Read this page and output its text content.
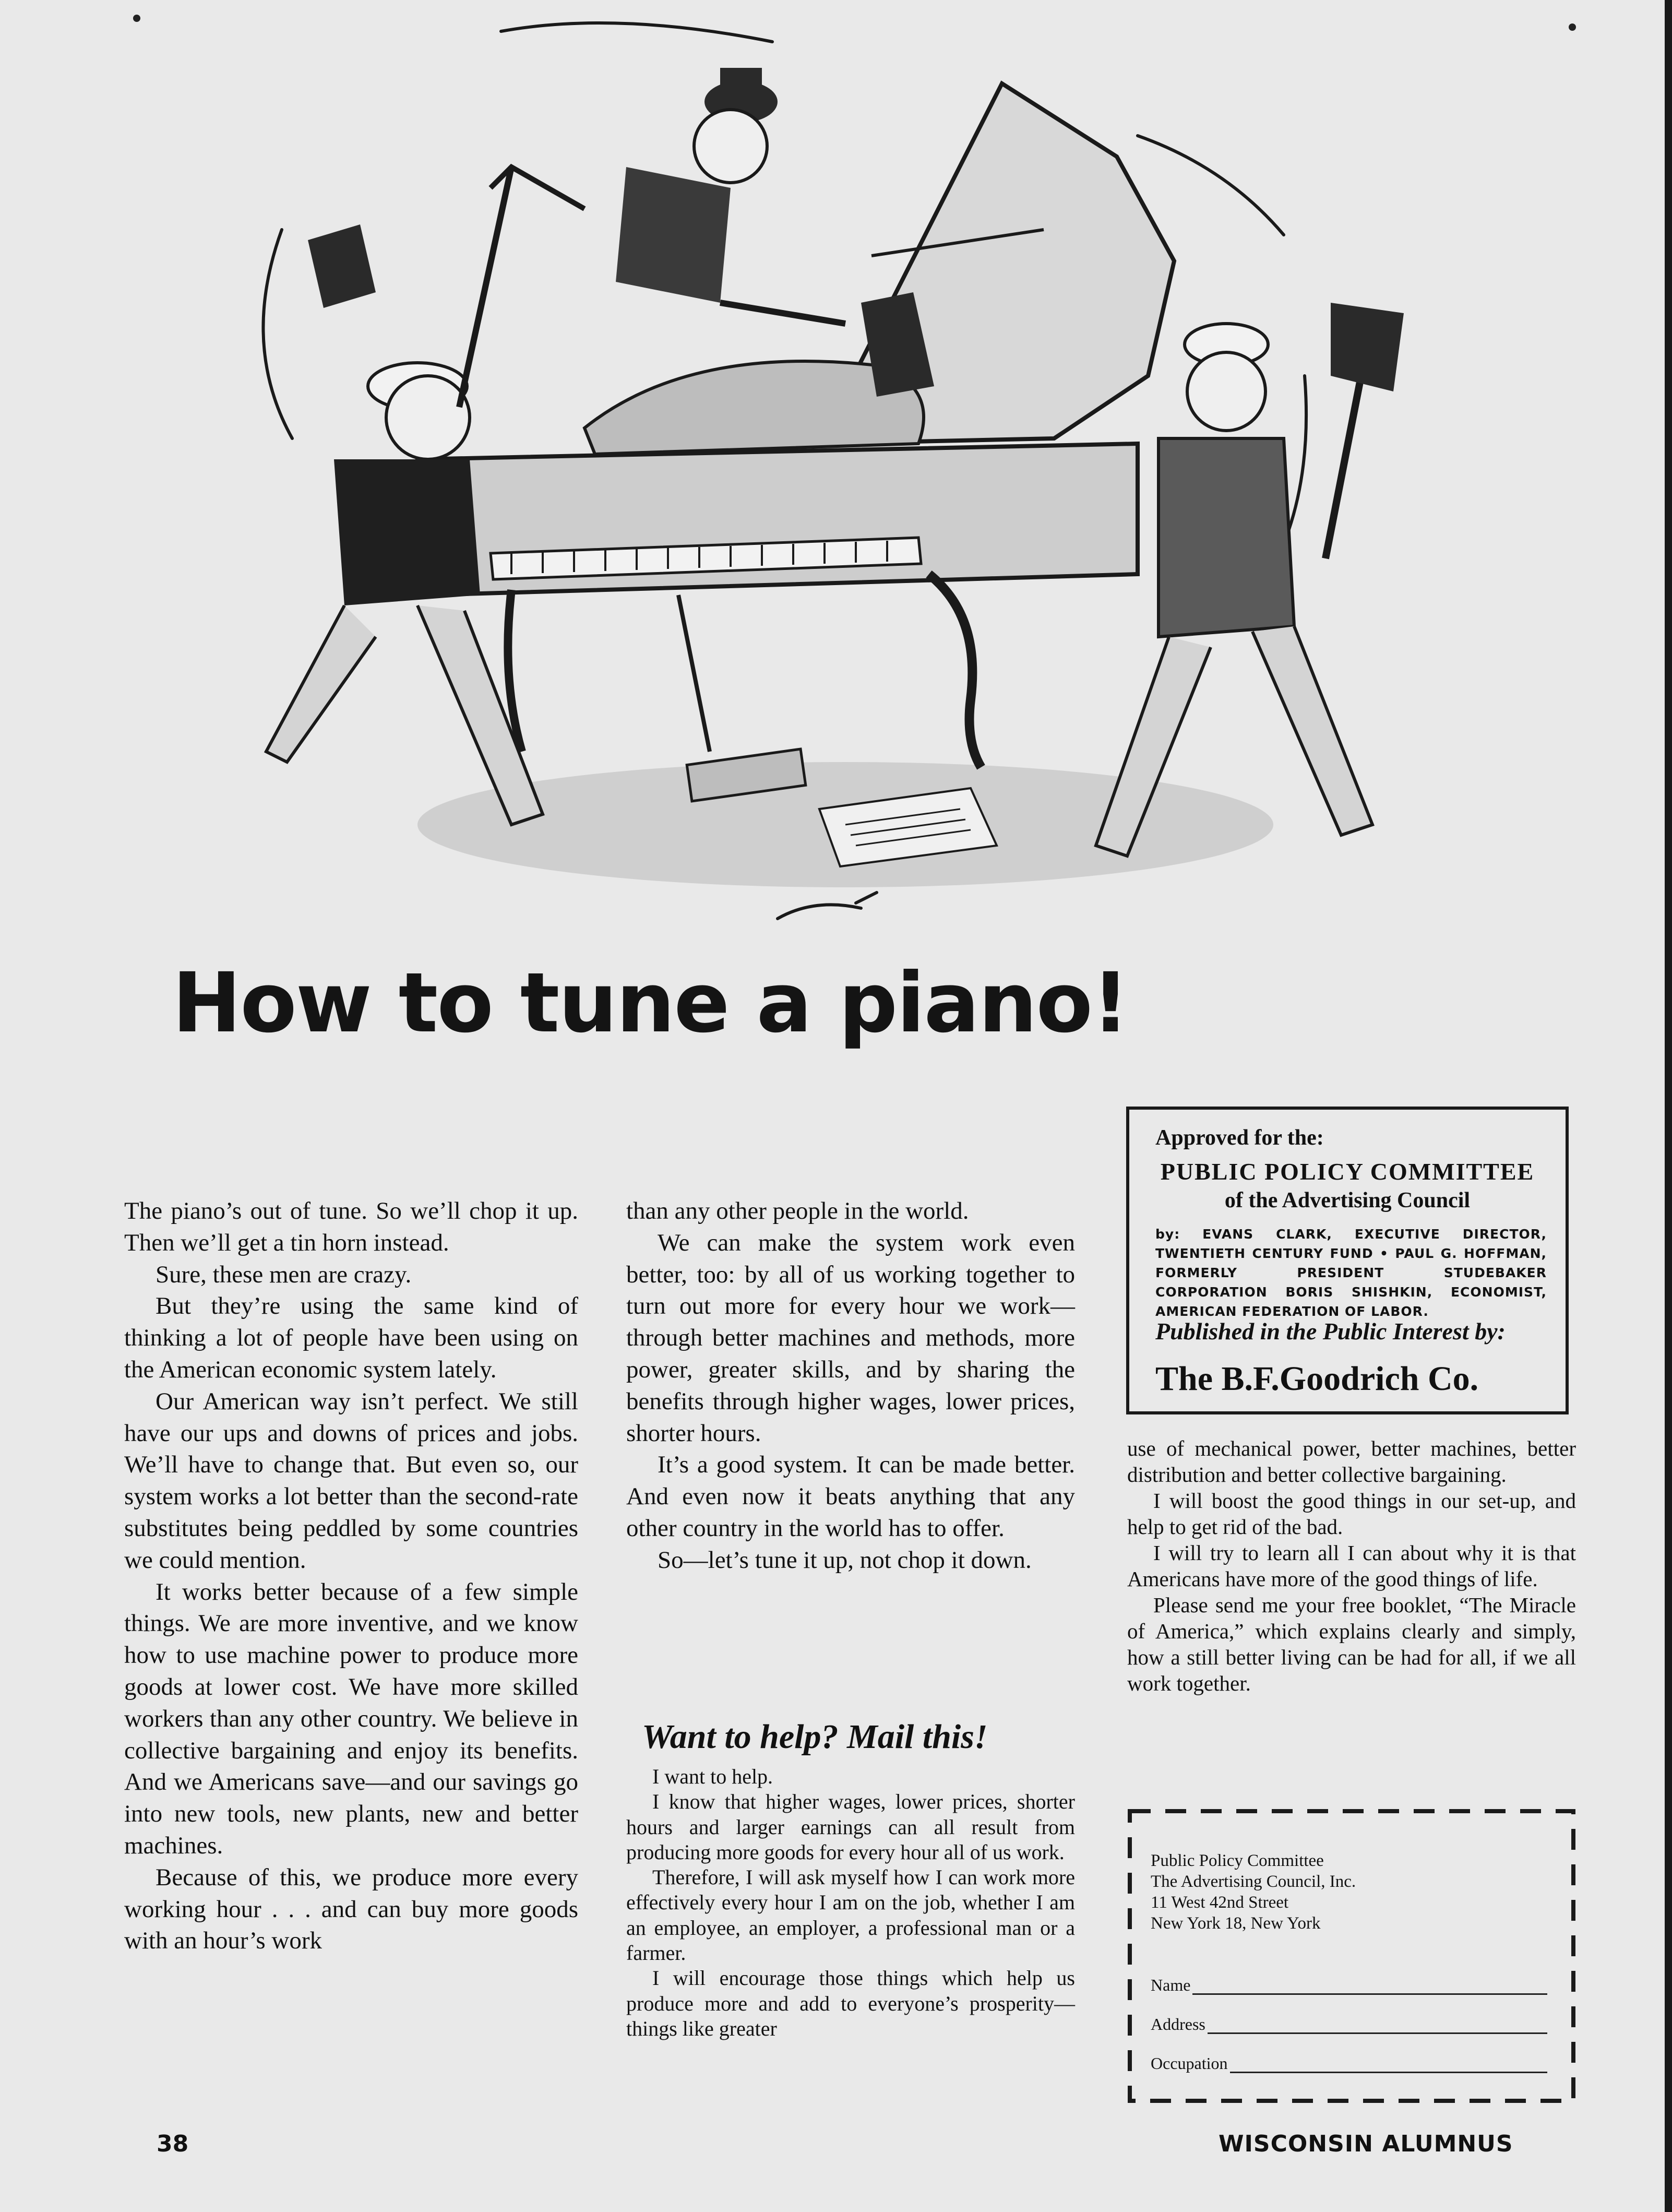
How to tune a piano!

The piano’s out of tune. So we’ll chop it up. Then we’ll get a tin horn instead.

Sure, these men are crazy.

But they’re using the same kind of thinking a lot of people have been using on the American economic system lately.

Our American way isn’t perfect. We still have our ups and downs of prices and jobs. We’ll have to change that. But even so, our system works a lot better than the second-rate substitutes being peddled by some countries we could mention.

It works better because of a few simple things. We are more inventive, and we know how to use machine power to produce more goods at lower cost. We have more skilled workers than any other country. We believe in collective bargaining and enjoy its benefits. And we Americans save—and our savings go into new tools, new plants, new and better machines.

Because of this, we produce more every working hour . . . and can buy more goods with an hour’s work

than any other people in the world.

We can make the system work even better, too: by all of us working together to turn out more for every hour we work—through better machines and methods, more power, greater skills, and by sharing the benefits through higher wages, lower prices, shorter hours.

It’s a good system. It can be made better. And even now it beats anything that any other country in the world has to offer.

So—let’s tune it up, not chop it down.

Want to help? Mail this!

I want to help.

I know that higher wages, lower prices, shorter hours and larger earnings can all result from producing more goods for every hour all of us work.

Therefore, I will ask myself how I can work more effectively every hour I am on the job, whether I am an employee, an employer, a professional man or a farmer.

I will encourage those things which help us produce more and add to everyone’s prosperity—things like greater

Approved for the:
PUBLIC POLICY COMMITTEE
of the Advertising Council
by: EVANS CLARK, EXECUTIVE DIRECTOR, TWENTIETH CENTURY FUND • PAUL G. HOFFMAN, FORMERLY PRESIDENT STUDEBAKER CORPORATION BORIS SHISHKIN, ECONOMIST, AMERICAN FEDERATION OF LABOR.
Published in the Public Interest by:
The B.F.Goodrich Co.

use of mechanical power, better machines, better distribution and better collective bargaining.

I will boost the good things in our set-up, and help to get rid of the bad.

I will try to learn all I can about why it is that Americans have more of the good things of life.

Please send me your free booklet, “The Miracle of America,” which explains clearly and simply, how a still better living can be had for all, if we all work together.

Public Policy Committee
The Advertising Council, Inc.
11 West 42nd Street
New York 18, New York
Name
Address
Occupation
38	WISCONSIN ALUMNUS
